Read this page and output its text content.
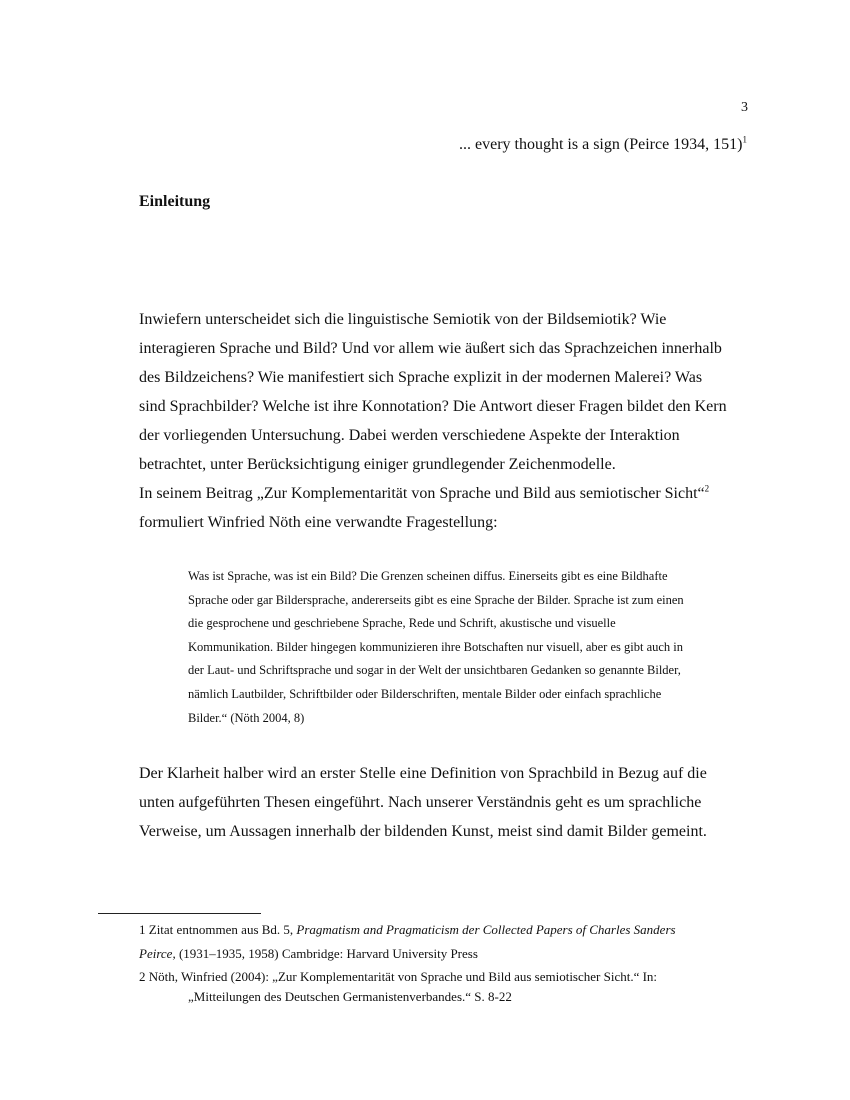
3
... every thought is a sign (Peirce 1934, 151)$^1$
Einleitung
Inwiefern unterscheidet sich die linguistische Semiotik von der Bildsemiotik? Wie
interagieren Sprache und Bild? Und vor allem wie äußert sich das Sprachzeichen innerhalb
des Bildzeichens? Wie manifestiert sich Sprache explizit in der modernen Malerei? Was
sind Sprachbilder? Welche ist ihre Konnotation? Die Antwort dieser Fragen bildet den Kern
der vorliegenden Untersuchung. Dabei werden verschiedene Aspekte der Interaktion
betrachtet, unter Berücksichtigung einiger grundlegender Zeichenmodelle.
In seinem Beitrag „Zur Komplementarität von Sprache und Bild aus semiotischer Sicht“$^2$
formuliert Winfried Nöth eine verwandte Fragestellung:
Was ist Sprache, was ist ein Bild? Die Grenzen scheinen diffus. Einerseits gibt es eine Bildhafte
Sprache oder gar Bildersprache, andererseits gibt es eine Sprache der Bilder. Sprache ist zum einen
die gesprochene und geschriebene Sprache, Rede und Schrift, akustische und visuelle
Kommunikation. Bilder hingegen kommunizieren ihre Botschaften nur visuell, aber es gibt auch in
der Laut- und Schriftsprache und sogar in der Welt der unsichtbaren Gedanken so genannte Bilder,
nämlich Lautbilder, Schriftbilder oder Bilderschriften, mentale Bilder oder einfach sprachliche
Bilder.“ (Nöth 2004, 8)
Der Klarheit halber wird an erster Stelle eine Definition von Sprachbild in Bezug auf die
unten aufgeführten Thesen eingeführt. Nach unserer Verständnis geht es um sprachliche
Verweise, um Aussagen innerhalb der bildenden Kunst, meist sind damit Bilder gemeint.
1 Zitat entnommen aus Bd. 5, Pragmatism and Pragmaticism der Collected Papers of Charles Sanders
Peirce, (1931–1935, 1958) Cambridge: Harvard University Press
2 Nöth, Winfried (2004): „Zur Komplementarität von Sprache und Bild aus semiotischer Sicht.“ In:
„Mitteilungen des Deutschen Germanistenverbandes.“ S. 8-22
